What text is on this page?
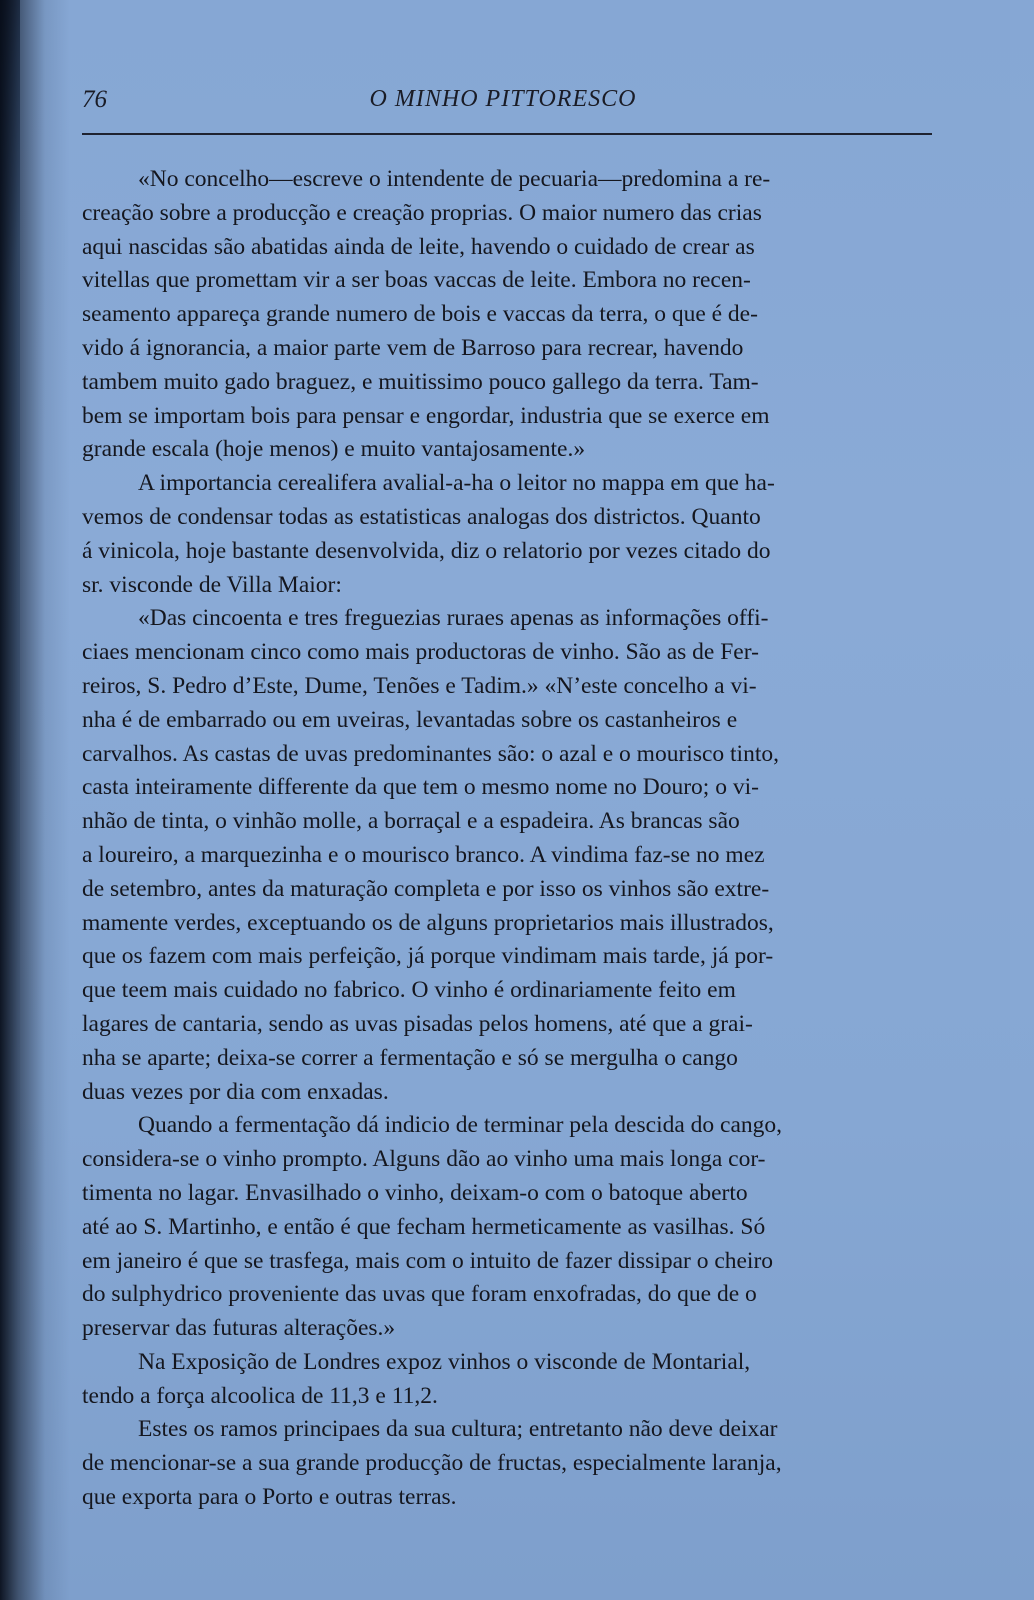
76	O MINHO PITTORESCO
«No concelho—escreve o intendente de pecuaria—predomina a re-
creação sobre a producção e creação proprias. O maior numero das crias
aqui nascidas são abatidas ainda de leite, havendo o cuidado de crear as
vitellas que promettam vir a ser boas vaccas de leite. Embora no recen-
seamento appareça grande numero de bois e vaccas da terra, o que é de-
vido á ignorancia, a maior parte vem de Barroso para recrear, havendo
tambem muito gado braguez, e muitissimo pouco gallego da terra. Tam-
bem se importam bois para pensar e engordar, industria que se exerce em
grande escala (hoje menos) e muito vantajosamente.»
A importancia cerealifera avalial-a-ha o leitor no mappa em que ha-
vemos de condensar todas as estatisticas analogas dos districtos. Quanto
á vinicola, hoje bastante desenvolvida, diz o relatorio por vezes citado do
sr. visconde de Villa Maior:
«Das cincoenta e tres freguezias ruraes apenas as informações offi-
ciaes mencionam cinco como mais productoras de vinho. São as de Fer-
reiros, S. Pedro d’Este, Dume, Tenões e Tadim.» «N’este concelho a vi-
nha é de embarrado ou em uveiras, levantadas sobre os castanheiros e
carvalhos. As castas de uvas predominantes são: o azal e o mourisco tinto,
casta inteiramente differente da que tem o mesmo nome no Douro; o vi-
nhão de tinta, o vinhão molle, a borraçal e a espadeira. As brancas são
a loureiro, a marquezinha e o mourisco branco. A vindima faz-se no mez
de setembro, antes da maturação completa e por isso os vinhos são extre-
mamente verdes, exceptuando os de alguns proprietarios mais illustrados,
que os fazem com mais perfeição, já porque vindimam mais tarde, já por-
que teem mais cuidado no fabrico. O vinho é ordinariamente feito em
lagares de cantaria, sendo as uvas pisadas pelos homens, até que a grai-
nha se aparte; deixa-se correr a fermentação e só se mergulha o cango
duas vezes por dia com enxadas.
Quando a fermentação dá indicio de terminar pela descida do cango,
considera-se o vinho prompto. Alguns dão ao vinho uma mais longa cor-
timenta no lagar. Envasilhado o vinho, deixam-o com o batoque aberto
até ao S. Martinho, e então é que fecham hermeticamente as vasilhas. Só
em janeiro é que se trasfega, mais com o intuito de fazer dissipar o cheiro
do sulphydrico proveniente das uvas que foram enxofradas, do que de o
preservar das futuras alterações.»
Na Exposição de Londres expoz vinhos o visconde de Montarial,
tendo a força alcoolica de 11,3 e 11,2.
Estes os ramos principaes da sua cultura; entretanto não deve deixar
de mencionar-se a sua grande producção de fructas, especialmente laranja,
que exporta para o Porto e outras terras.
